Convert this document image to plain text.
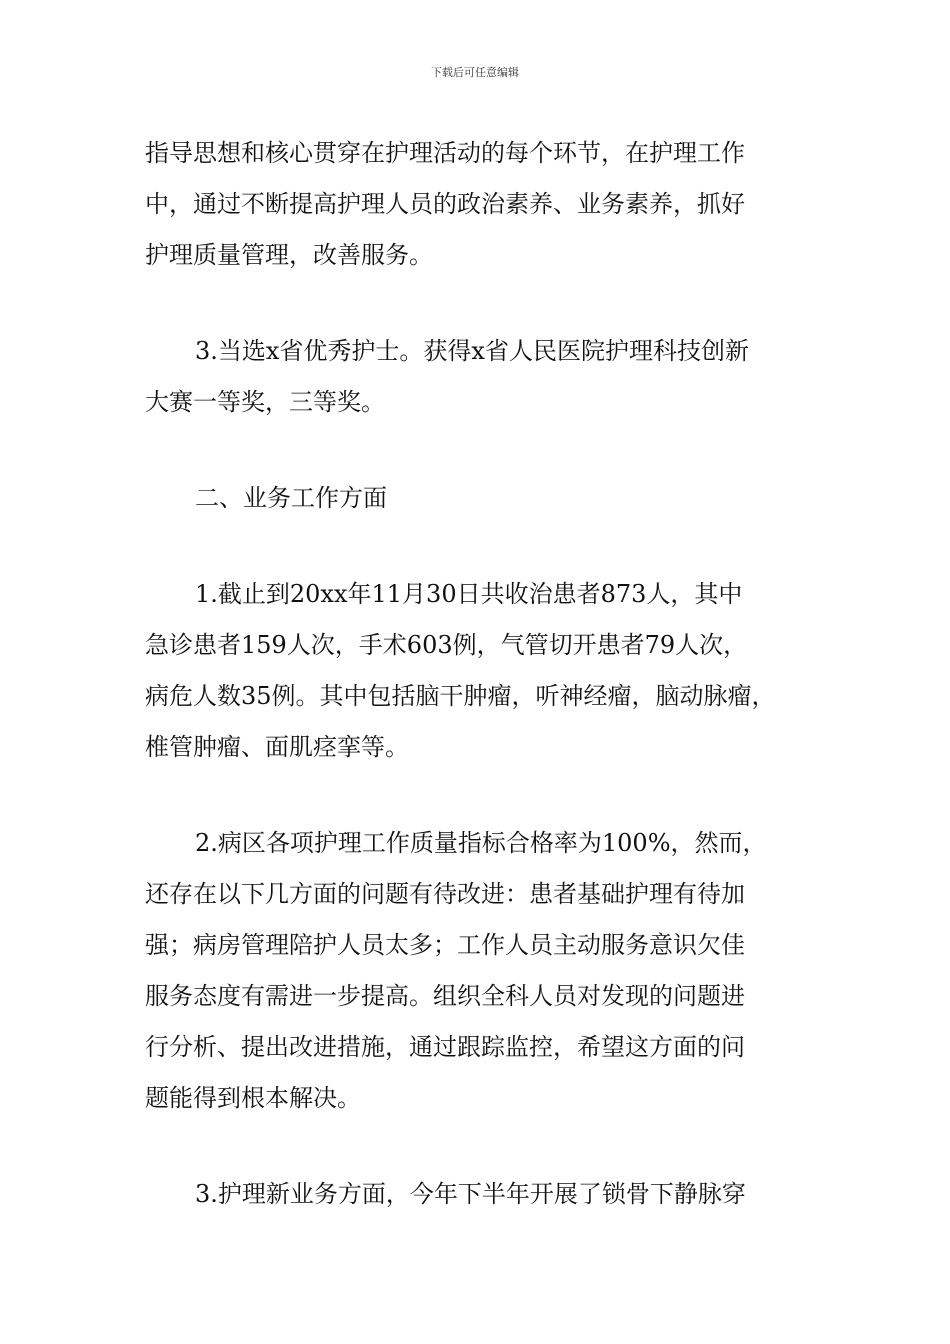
下载后可任意编辑
指导思想和核心贯穿在护理活动的每个环节，在护理工作
中，通过不断提高护理人员的政治素养、业务素养，抓好
护理质量管理，改善服务。
3.当选x省优秀护士。获得x省人民医院护理科技创新
大赛一等奖，三等奖。
二、业务工作方面
1.截止到20xx年11月30日共收治患者873人，其中
急诊患者159人次，手术603例，气管切开患者79人次，
病危人数35例。其中包括脑干肿瘤，听神经瘤，脑动脉瘤，
椎管肿瘤、面肌痉挛等。
2.病区各项护理工作质量指标合格率为100%，然而，
还存在以下几方面的问题有待改进：患者基础护理有待加
强；病房管理陪护人员太多；工作人员主动服务意识欠佳
服务态度有需进一步提高。组织全科人员对发现的问题进
行分析、提出改进措施，通过跟踪监控，希望这方面的问
题能得到根本解决。
3.护理新业务方面，今年下半年开展了锁骨下静脉穿
